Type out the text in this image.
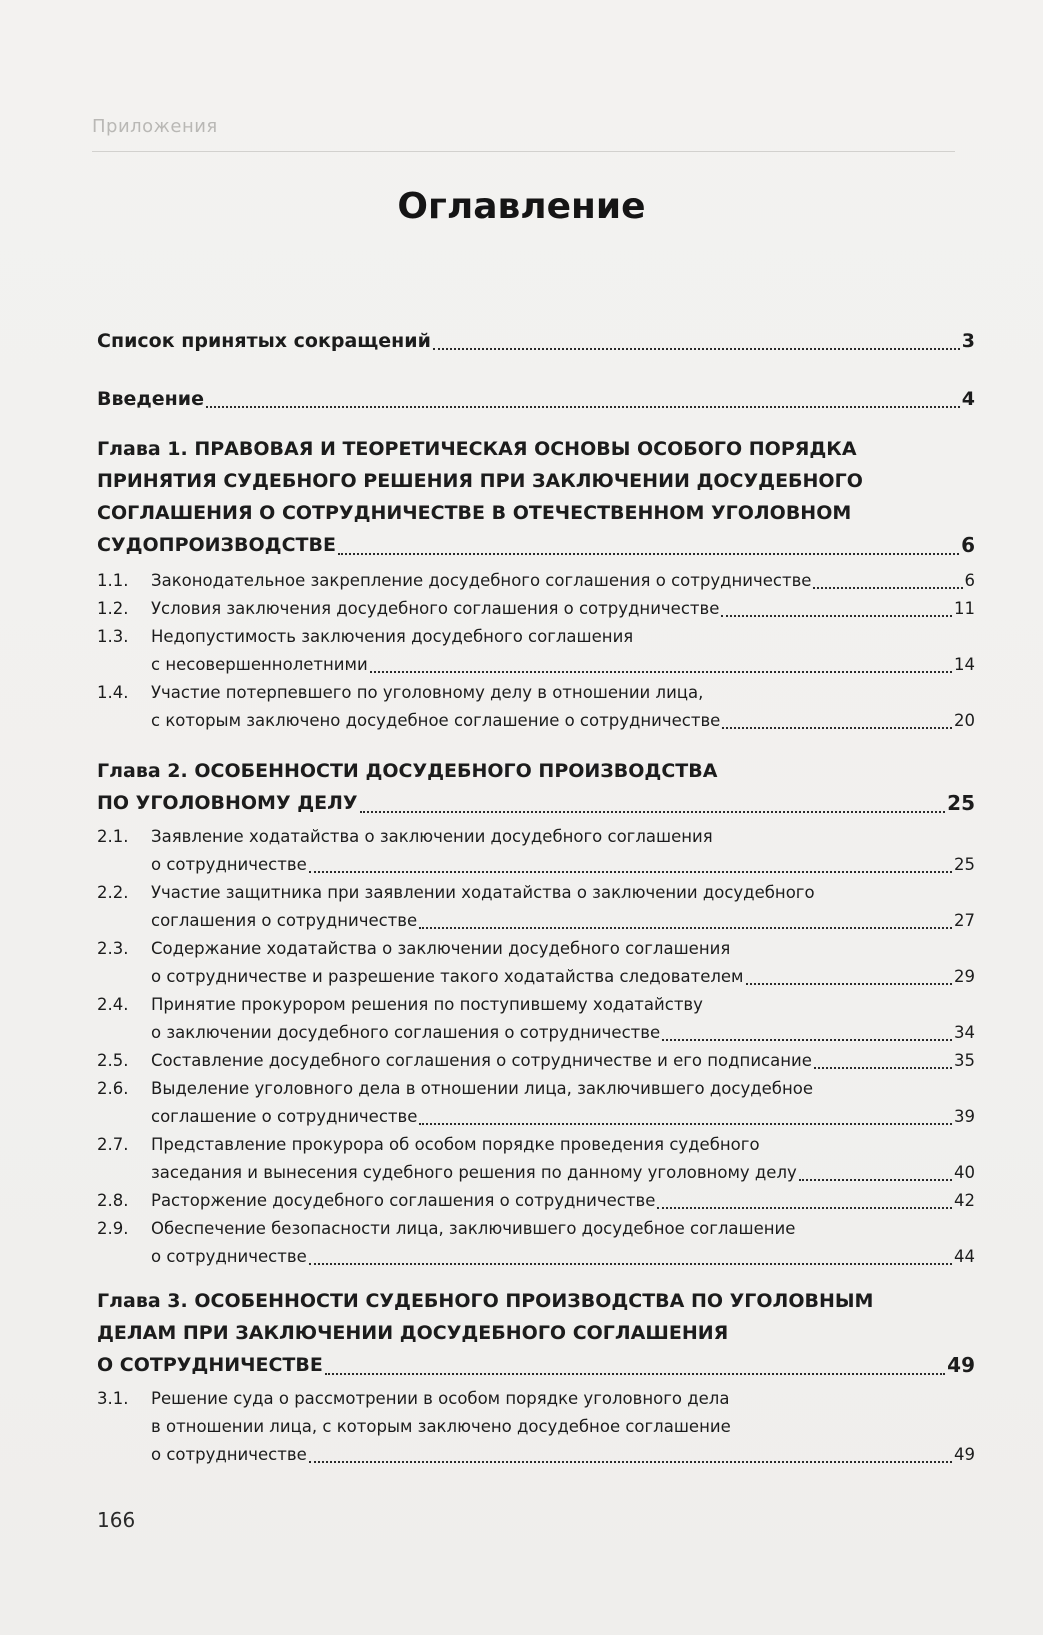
Приложения
Оглавление
Список принятых сокращений	3
Введение	4
Глава 1. ПРАВОВАЯ И ТЕОРЕТИЧЕСКАЯ ОСНОВЫ ОСОБОГО ПОРЯДКА
ПРИНЯТИЯ СУДЕБНОГО РЕШЕНИЯ ПРИ ЗАКЛЮЧЕНИИ ДОСУДЕБНОГО
СОГЛАШЕНИЯ О СОТРУДНИЧЕСТВЕ В ОТЕЧЕСТВЕННОМ УГОЛОВНОМ
СУДОПРОИЗВОДСТВЕ	6
1.1.	Законодательное закрепление досудебного соглашения о сотрудничестве	6
1.2.	Условия заключения досудебного соглашения о сотрудничестве	11
1.3.	Недопустимость заключения досудебного соглашения
с несовершеннолетними	14
1.4.	Участие потерпевшего по уголовному делу в отношении лица,
с которым заключено досудебное соглашение о сотрудничестве	20
Глава 2. ОСОБЕННОСТИ ДОСУДЕБНОГО ПРОИЗВОДСТВА
ПО УГОЛОВНОМУ ДЕЛУ	25
2.1.	Заявление ходатайства о заключении досудебного соглашения
о сотрудничестве	25
2.2.	Участие защитника при заявлении ходатайства о заключении досудебного
соглашения о сотрудничестве	27
2.3.	Содержание ходатайства о заключении досудебного соглашения
о сотрудничестве и разрешение такого ходатайства следователем	29
2.4.	Принятие прокурором решения по поступившему ходатайству
о заключении досудебного соглашения о сотрудничестве	34
2.5.	Составление досудебного соглашения о сотрудничестве и его подписание	35
2.6.	Выделение уголовного дела в отношении лица, заключившего досудебное
соглашение о сотрудничестве	39
2.7.	Представление прокурора об особом порядке проведения судебного
заседания и вынесения судебного решения по данному уголовному делу	40
2.8.	Расторжение досудебного соглашения о сотрудничестве	42
2.9.	Обеспечение безопасности лица, заключившего досудебное соглашение
о сотрудничестве	44
Глава 3. ОСОБЕННОСТИ СУДЕБНОГО ПРОИЗВОДСТВА ПО УГОЛОВНЫМ
ДЕЛАМ ПРИ ЗАКЛЮЧЕНИИ ДОСУДЕБНОГО СОГЛАШЕНИЯ
О СОТРУДНИЧЕСТВЕ	49
3.1.	Решение суда о рассмотрении в особом порядке уголовного дела
в отношении лица, с которым заключено досудебное соглашение
о сотрудничестве	49
166
